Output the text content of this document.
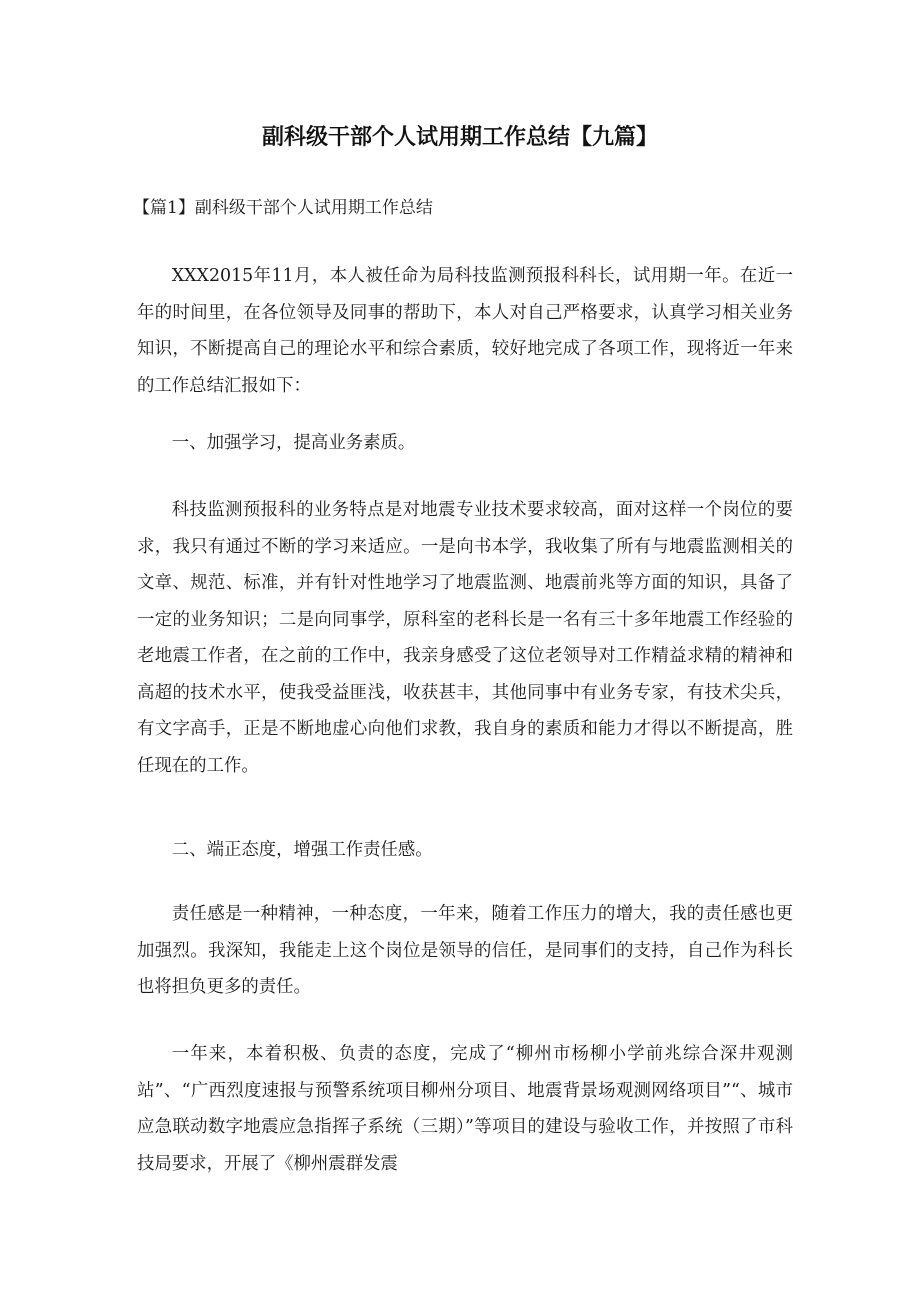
副科级干部个人试用期工作总结【九篇】
【篇1】副科级干部个人试用期工作总结

XXX2015年11月，本人被任命为局科技监测预报科科长，试用期一年。在近一年的时间里，在各位领导及同事的帮助下，本人对自己严格要求，认真学习相关业务知识，不断提高自己的理论水平和综合素质，较好地完成了各项工作，现将近一年来的工作总结汇报如下：

一、加强学习，提高业务素质。

科技监测预报科的业务特点是对地震专业技术要求较高，面对这样一个岗位的要求，我只有通过不断的学习来适应。一是向书本学，我收集了所有与地震监测相关的文章、规范、标准，并有针对性地学习了地震监测、地震前兆等方面的知识，具备了一定的业务知识；二是向同事学，原科室的老科长是一名有三十多年地震工作经验的老地震工作者，在之前的工作中，我亲身感受了这位老领导对工作精益求精的精神和高超的技术水平，使我受益匪浅，收获甚丰，其他同事中有业务专家，有技术尖兵，有文字高手，正是不断地虚心向他们求教，我自身的素质和能力才得以不断提高，胜任现在的工作。

二、端正态度，增强工作责任感。

责任感是一种精神，一种态度，一年来，随着工作压力的增大，我的责任感也更加强烈。我深知，我能走上这个岗位是领导的信任，是同事们的支持，自己作为科长也将担负更多的责任。

一年来，本着积极、负责的态度，完成了“柳州市杨柳小学前兆综合深井观测站”、“广西烈度速报与预警系统项目柳州分项目、地震背景场观测网络项目”“、城市应急联动数字地震应急指挥子系统（三期）”等项目的建设与验收工作，并按照了市科技局要求，开展了《柳州震群发震
